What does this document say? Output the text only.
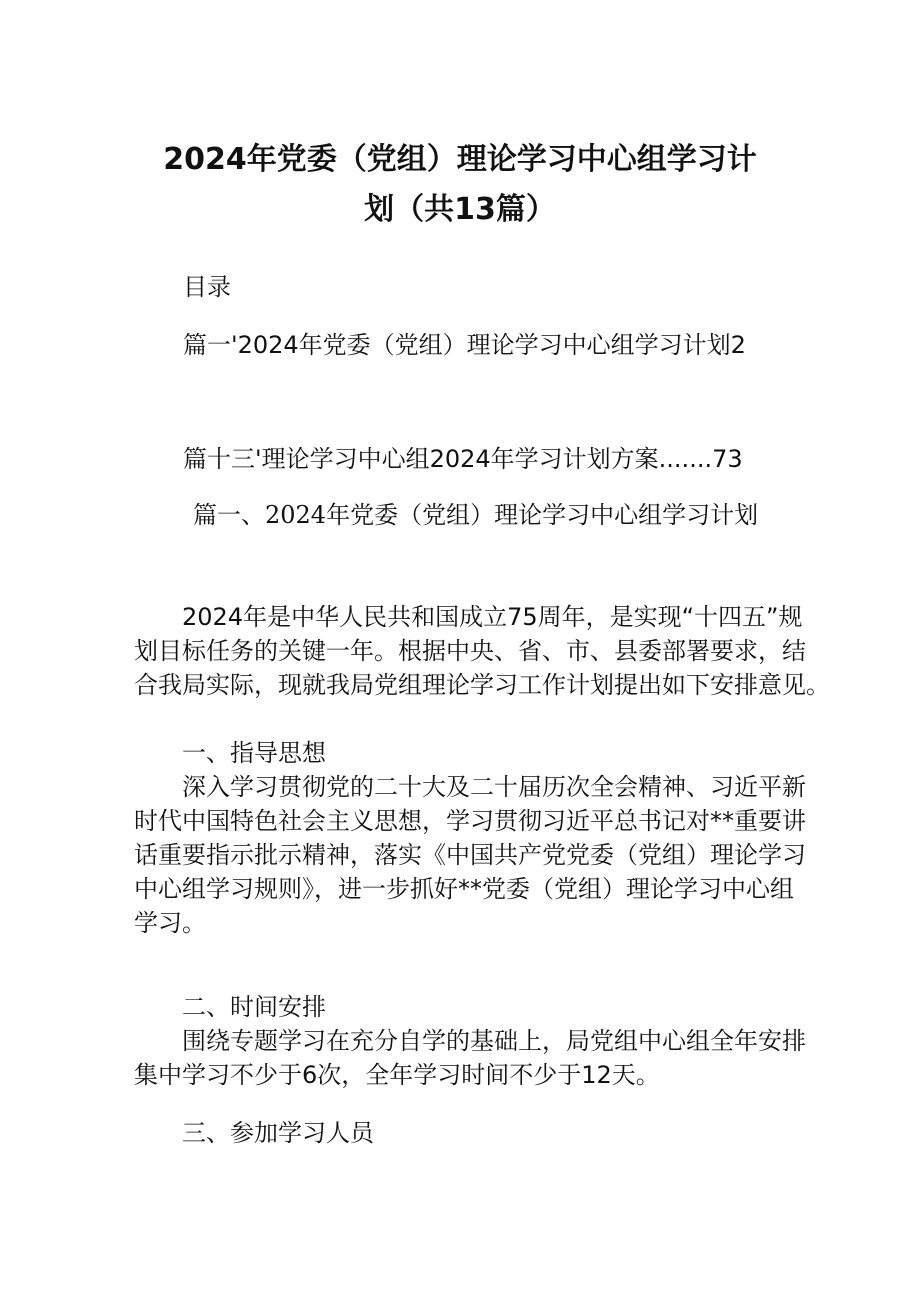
2024年党委（党组）理论学习中心组学习计
划（共13篇）
目录
篇一'2024年党委（党组）理论学习中心组学习计划2
篇十三'理论学习中心组2024年学习计划方案.......73
篇一、2024年党委（党组）理论学习中心组学习计划
2024年是中华人民共和国成立75周年，是实现“十四五”规
划目标任务的关键一年。根据中央、省、市、县委部署要求，结
合我局实际，现就我局党组理论学习工作计划提出如下安排意见。
一、指导思想
深入学习贯彻党的二十大及二十届历次全会精神、习近平新
时代中国特色社会主义思想，学习贯彻习近平总书记对**重要讲
话重要指示批示精神，落实《中国共产党党委（党组）理论学习
中心组学习规则》，进一步抓好**党委（党组）理论学习中心组
学习。
二、时间安排
围绕专题学习在充分自学的基础上，局党组中心组全年安排
集中学习不少于6次，全年学习时间不少于12天。
三、参加学习人员
